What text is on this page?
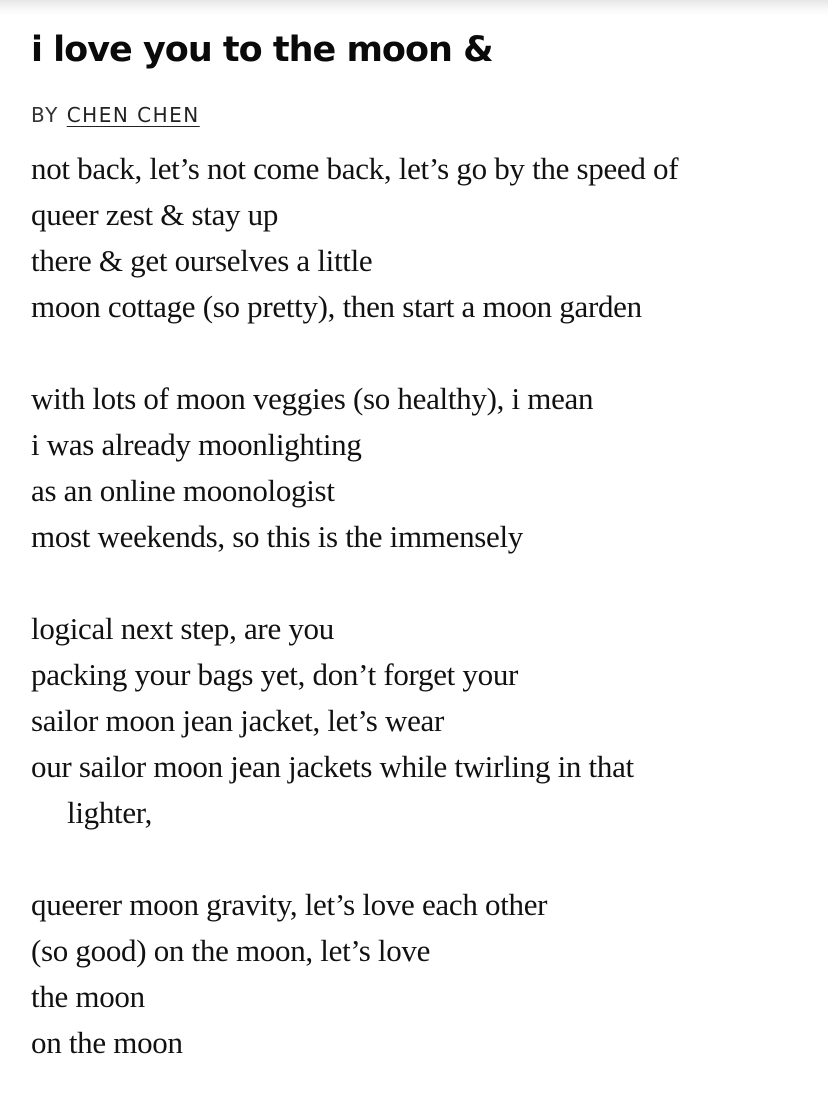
i love you to the moon &
BY CHEN CHEN
not back, let’s not come back, let’s go by the speed of
queer zest & stay up
there & get ourselves a little
moon cottage (so pretty), then start a moon garden
with lots of moon veggies (so healthy), i mean
i was already moonlighting
as an online moonologist
most weekends, so this is the immensely
logical next step, are you
packing your bags yet, don’t forget your
sailor moon jean jacket, let’s wear
our sailor moon jean jackets while twirling in that
lighter,
queerer moon gravity, let’s love each other
(so good) on the moon, let’s love
the moon
on the moon
